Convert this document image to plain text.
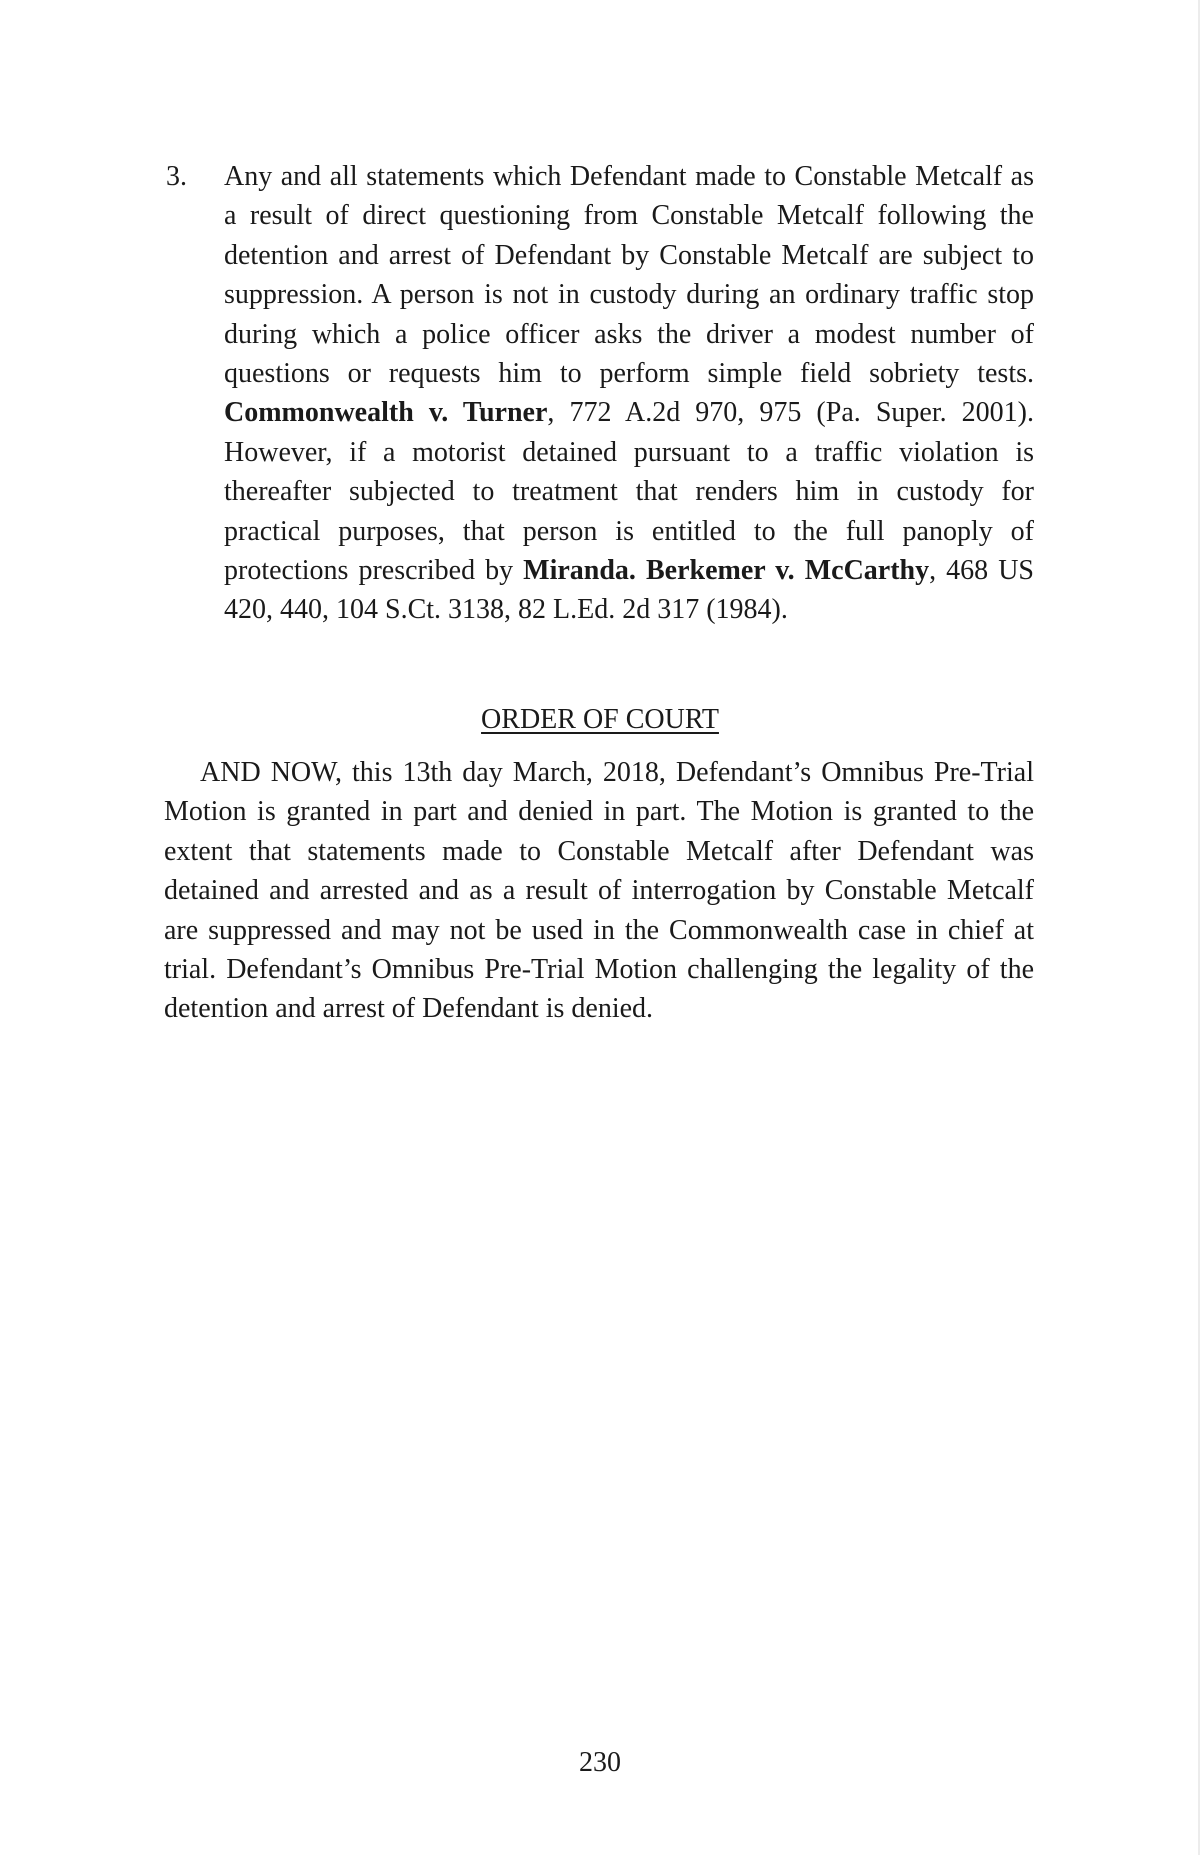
3. Any and all statements which Defendant made to Constable Metcalf as a result of direct questioning from Constable Metcalf following the detention and arrest of Defendant by Constable Metcalf are subject to suppression. A person is not in custody during an ordinary traffic stop during which a police officer asks the driver a modest number of questions or requests him to perform simple field sobriety tests. Commonwealth v. Turner, 772 A.2d 970, 975 (Pa. Super. 2001). However, if a motorist detained pursuant to a traffic violation is thereafter subjected to treatment that renders him in custody for practical purposes, that person is entitled to the full panoply of protections prescribed by Miranda. Berkemer v. McCarthy, 468 US 420, 440, 104 S.Ct. 3138, 82 L.Ed. 2d 317 (1984).
ORDER OF COURT

AND NOW, this 13th day March, 2018, Defendant’s Omnibus Pre-Trial Motion is granted in part and denied in part. The Motion is granted to the extent that statements made to Constable Metcalf after Defendant was detained and arrested and as a result of interrogation by Constable Metcalf are suppressed and may not be used in the Commonwealth case in chief at trial. Defendant’s Omnibus Pre-Trial Motion challenging the legality of the detention and arrest of Defendant is denied.

230
